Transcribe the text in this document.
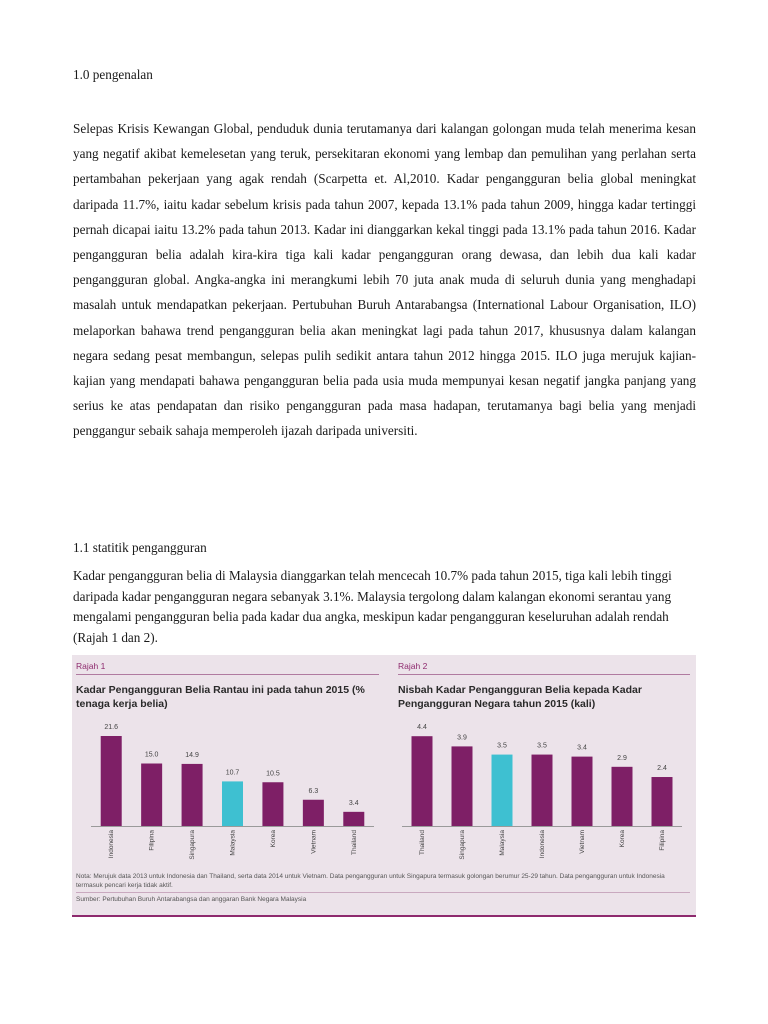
1.0 pengenalan

Selepas Krisis Kewangan Global, penduduk dunia terutamanya dari kalangan golongan muda telah menerima kesan yang negatif akibat kemelesetan yang teruk, persekitaran ekonomi yang lembap dan pemulihan yang perlahan serta pertambahan pekerjaan yang agak rendah (Scarpetta et. Al,2010. Kadar pengangguran belia global meningkat daripada 11.7%, iaitu kadar sebelum krisis pada tahun 2007, kepada 13.1% pada tahun 2009, hingga kadar tertinggi pernah dicapai iaitu 13.2% pada tahun 2013. Kadar ini dianggarkan kekal tinggi pada 13.1% pada tahun 2016. Kadar pengangguran belia adalah kira-kira tiga kali kadar pengangguran orang dewasa, dan lebih dua kali kadar pengangguran global. Angka-angka ini merangkumi lebih 70 juta anak muda di seluruh dunia yang menghadapi masalah untuk mendapatkan pekerjaan. Pertubuhan Buruh Antarabangsa (International Labour Organisation, ILO) melaporkan bahawa trend pengangguran belia akan meningkat lagi pada tahun 2017, khususnya dalam kalangan negara sedang pesat membangun, selepas pulih sedikit antara tahun 2012 hingga 2015. ILO juga merujuk kajian-kajian yang mendapati bahawa pengangguran belia pada usia muda mempunyai kesan negatif jangka panjang yang serius ke atas pendapatan dan risiko pengangguran pada masa hadapan, terutamanya bagi belia yang menjadi penggangur sebaik sahaja memperoleh ijazah daripada universiti.

1.1 statitik pengangguran

Kadar pengangguran belia di Malaysia dianggarkan telah mencecah 10.7% pada tahun 2015, tiga kali lebih tinggi daripada kadar pengangguran negara sebanyak 3.1%. Malaysia tergolong dalam kalangan ekonomi serantau yang mengalami pengangguran belia pada kadar dua angka, meskipun kadar pengangguran keseluruhan adalah rendah (Rajah 1 dan 2).

Rajah 1
Kadar Pengangguran Belia Rantau ini pada tahun 2015 (% tenaga kerja belia)
Rajah 2
Nisbah Kadar Pengangguran Belia kepada Kadar Pengangguran Negara tahun 2015 (kali)
21.6
Indonesia
15.0
Filipina
14.9
Singapura
10.7
Malaysia
10.5
Korea
6.3
Vietnam
3.4
Thailand
4.4
Thailand
3.9
Singapura
3.5
Malaysia
3.5
Indonesia
3.4
Vietnam
2.9
Korea
2.4
Filipina
Nota: Merujuk data 2013 untuk Indonesia dan Thailand, serta data 2014 untuk Vietnam. Data pengangguran untuk Singapura termasuk golongan berumur 25-29 tahun. Data pengangguran untuk Indonesia termasuk pencari kerja tidak aktif.
Sumber: Pertubuhan Buruh Antarabangsa dan anggaran Bank Negara Malaysia
